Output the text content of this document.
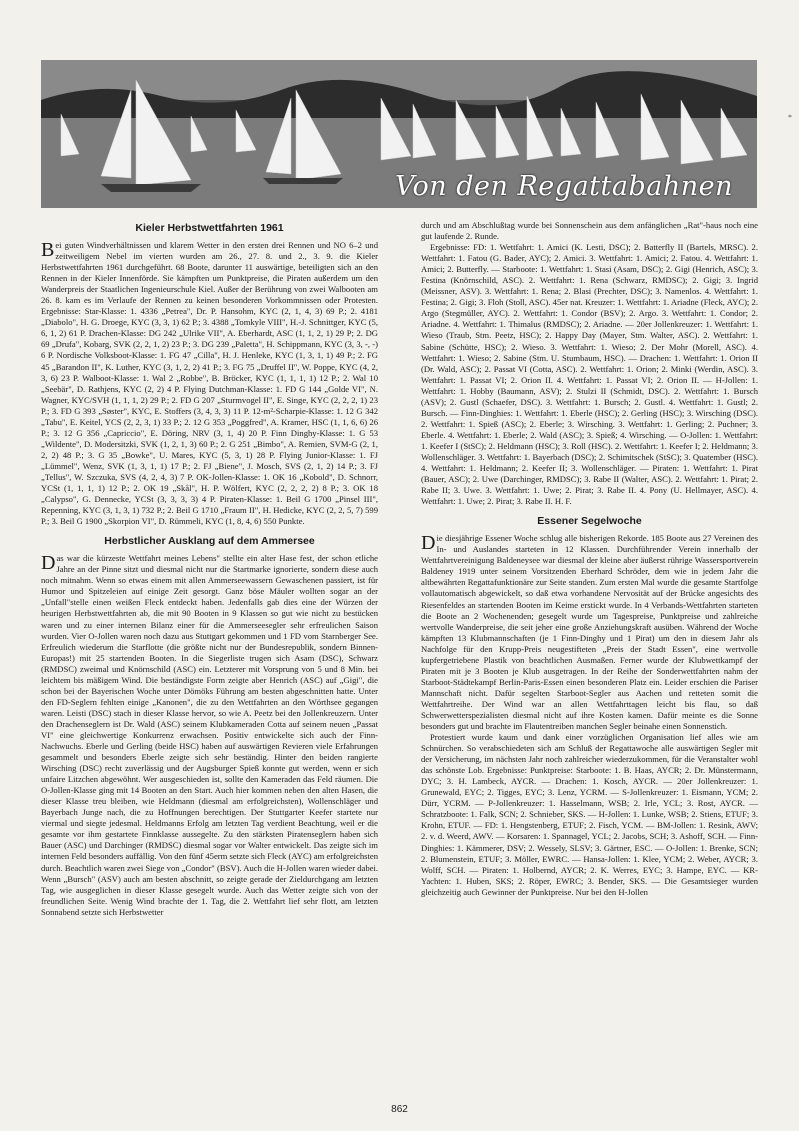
Von den Regattabahnen
*
Kieler Herbstwettfahrten 1961

Bei guten Windverhältnissen und klarem Wetter in den ersten drei Rennen und NO 6–2 und zeitweiligem Nebel im vierten wurden am 26., 27. 8. und 2., 3. 9. die Kieler Herbstwettfahrten 1961 durchgeführt. 68 Boote, darunter 11 auswärtige, beteiligten sich an den Rennen in der Kieler Innenförde. Sie kämpften um Punktpreise, die Piraten außerdem um den Wanderpreis der Staatlichen Ingenieurschule Kiel. Außer der Berührung von zwei Walbooten am 26. 8. kam es im Verlaufe der Rennen zu keinen besonderen Vorkommnissen oder Protesten. Ergebnisse: Star-Klasse: 1. 4336 „Petrea", Dr. P. Hansohm, KYC (2, 1, 4, 3) 69 P.; 2. 4181 „Diabolo", H. G. Droege, KYC (3, 3, 1) 62 P.; 3. 4388 „Tomkyle VIII", H.-J. Schnittger, KYC (5, 6, 1, 2) 61 P. Drachen-Klasse: DG 242 „Ulrike VII", A. Eberhardt, ASC (1, 1, 2, 1) 29 P; 2. DG 69 „Drufa", Kobarg, SVK (2, 2, 1, 2) 23 P.; 3. DG 239 „Paletta", H. Schippmann, KYC (3, 3, -, -) 6 P. Nordische Volksboot-Klasse: 1. FG 47 „Cilla", H. J. Henleke, KYC (1, 3, 1, 1) 49 P.; 2. FG 45 „Barandon II", K. Luther, KYC (3, 1, 2, 2) 41 P.; 3. FG 75 „Druffel II", W. Poppe, KYC (4, 2, 3, 6) 23 P. Walboot-Klasse: 1. Wal 2 „Robbe", B. Bröcker, KYC (1, 1, 1, 1) 12 P.; 2. Wal 10 „Seebär", D. Rathjens, KYC (2, 2) 4 P. Flying Dutchman-Klasse: 1. FD G 144 „Golde VI", N. Wagner, KYC/SVH (1, 1, 1, 2) 29 P.; 2. FD G 207 „Sturmvogel II", E. Singe, KYC (2, 2, 2, 1) 23 P.; 3. FD G 393 „Søster", KYC, E. Stoffers (3, 4, 3, 3) 11 P. 12-m²-Scharpie-Klasse: 1. 12 G 342 „Tabu", E. Keitel, YCS (2, 2, 3, 1) 33 P.; 2. 12 G 353 „Poggfred", A. Kramer, HSC (1, 1, 6, 6) 26 P.; 3. 12 G 356 „Capriccio", E. Döring, NRV (3, 1, 4) 20 P. Finn Dinghy-Klasse: 1. G 53 „Wildente", D. Modersitzki, SVK (1, 2, 1, 3) 60 P.; 2. G 251 „Bimbo", A. Remien, SVM-G (2, 1, 2, 2) 48 P.; 3. G 35 „Bowke", U. Mares, KYC (5, 3, 1) 28 P. Flying Junior-Klasse: 1. FJ „Lümmel", Wenz, SVK (1, 3, 1, 1) 17 P.; 2. FJ „Biene", J. Mosch, SVS (2, 1, 2) 14 P.; 3. FJ „Tellus", W. Szczuka, SVS (4, 2, 4, 3) 7 P. OK-Jollen-Klasse: 1. OK 16 „Kobold", D. Schnorr, YCSt (1, 1, 1, 1) 12 P.; 2. OK 19 „Skål", H. P. Wölfert, KYC (2, 2, 2, 2) 8 P.; 3. OK 18 „Calypso", G. Dennecke, YCSt (3, 3, 3, 3) 4 P. Piraten-Klasse: 1. Beil G 1700 „Pinsel III", Repenning, KYC (3, 1, 3, 1) 732 P.; 2. Beil G 1710 „Fraum II", H. Hedicke, KYC (2, 2, 5, 7) 599 P.; 3. Beil G 1900 „Skorpion VI", D. Rümmeli, KYC (1, 8, 4, 6) 550 Punkte.

Herbstlicher Ausklang auf dem Ammersee

Das war die kürzeste Wettfahrt meines Lebens" stellte ein alter Hase fest, der schon etliche Jahre an der Pinne sitzt und diesmal nicht nur die Startmarke ignorierte, sondern diese auch noch mitnahm. Wenn so etwas einem mit allen Ammerseewassern Gewaschenen passiert, ist für Humor und Spitzeleien auf einige Zeit gesorgt. Ganz böse Mäuler wollten sogar an der „Unfall"stelle einen weißen Fleck entdeckt haben. Jedenfalls gab dies eine der Würzen der heurigen Herbstwettfahrten ab, die mit 90 Booten in 9 Klassen so gut wie nicht zu bestücken waren und zu einer internen Bilanz einer für die Ammerseesegler sehr erfreulichen Saison wurden. Vier O-Jollen waren noch dazu aus Stuttgart gekommen und 1 FD vom Starnberger See. Erfreulich wiederum die Starflotte (die größte nicht nur der Bundesrepublik, sondern Binnen-Europas!) mit 25 startenden Booten. In die Siegerliste trugen sich Asam (DSC), Schwarz (RMDSC) zweimal und Knörnschild (ASC) ein. Letzterer mit Vorsprung von 5 und 8 Min. bei leichtem bis mäßigem Wind. Die beständigste Form zeigte aber Henrich (ASC) auf „Gigi", die schon bei der Bayerischen Woche unter Dömöks Führung am besten abgeschnitten hatte. Unter den FD-Seglern fehlten einige „Kanonen", die zu den Wettfahrten an den Wörthsee gegangen waren. Leisti (DSC) stach in dieser Klasse hervor, so wie A. Peetz bei den Jollenkreuzern. Unter den Drachenseglern ist Dr. Wald (ASC) seinem Klubkameraden Cotta auf seinem neuen „Passat VI" eine gleichwertige Konkurrenz erwachsen. Positiv entwickelte sich auch der Finn-Nachwuchs. Eberle und Gerling (beide HSC) haben auf auswärtigen Revieren viele Erfahrungen gesammelt und besonders Eberle zeigte sich sehr beständig. Hinter den beiden rangierte Wirsching (DSC) recht zuverlässig und der Augsburger Spieß konnte gut werden, wenn er sich unfaire Litzchen abgewöhnt. Wer ausgeschieden ist, sollte den Kameraden das Feld räumen. Die O-Jollen-Klasse ging mit 14 Booten an den Start. Auch hier kommen neben den alten Hasen, die dieser Klasse treu bleiben, wie Heldmann (diesmal am erfolgreichsten), Wollenschläger und Bayerbach Junge nach, die zu Hoffnungen berechtigen. Der Stuttgarter Keefer startete nur viermal und siegte jedesmal. Heldmanns Erfolg am letzten Tag verdient Beachtung, weil er die gesamte vor ihm gestartete Finnklasse aussegelte. Zu den stärksten Piratenseglern haben sich Bauer (ASC) und Darchinger (RMDSC) diesmal sogar vor Walter entwickelt. Das zeigte sich im internen Feld besonders auffällig. Von den fünf 45erm setzte sich Fleck (AYC) am erfolgreichsten durch. Beachtlich waren zwei Siege von „Condor" (BSV). Auch die H-Jollen waren wieder dabei. Wenn „Bursch" (ASV) auch am besten abschnitt, so zeigte gerade der Zieldurchgang am letzten Tag, wie ausgeglichen in dieser Klasse gesegelt wurde. Auch das Wetter zeigte sich von der freundlichen Seite. Wenig Wind brachte der 1. Tag, die 2. Wettfahrt lief sehr flott, am letzten Sonnabend setzte sich Herbstwetter

durch und am Abschlußtag wurde bei Sonnenschein aus dem anfänglichen „Rat"-haus noch eine gut laufende 2. Runde.

Ergebnisse: FD: 1. Wettfahrt: 1. Amici (K. Lesti, DSC); 2. Batterfly II (Bartels, MRSC). 2. Wettfahrt: 1. Fatou (G. Bader, AYC); 2. Amici. 3. Wettfahrt: 1. Amici; 2. Fatou. 4. Wettfahrt: 1. Amici; 2. Butterfly. — Starboote: 1. Wettfahrt: 1. Stasi (Asam, DSC); 2. Gigi (Henrich, ASC); 3. Festina (Knörnschild, ASC). 2. Wettfahrt: 1. Rena (Schwarz, RMDSC); 2. Gigi; 3. Ingrid (Meissner, ASV). 3. Wettfahrt: 1. Rena; 2. Blasi (Prechter, DSC); 3. Namenlos. 4. Wettfahrt: 1. Festina; 2. Gigi; 3. Floh (Stoll, ASC). 45er nat. Kreuzer: 1. Wettfahrt: 1. Ariadne (Fleck, AYC); 2. Argo (Stegmüller, AYC). 2. Wettfahrt: 1. Condor (BSV); 2. Argo. 3. Wettfahrt: 1. Condor; 2. Ariadne. 4. Wettfahrt: 1. Thimalus (RMDSC); 2. Ariadne. — 20er Jollenkreuzer: 1. Wettfahrt: 1. Wieso (Traub, Stm. Peetz, HSC); 2. Happy Day (Mayer, Stm. Walter, ASC). 2. Wettfahrt: 1. Sabine (Schütte, HSC); 2. Wieso. 3. Wettfahrt: 1. Wieso; 2. Der Mohr (Morell, ASC). 4. Wettfahrt: 1. Wieso; 2. Sabine (Stm. U. Stumbaum, HSC). — Drachen: 1. Wettfahrt: 1. Orion II (Dr. Wald, ASC); 2. Passat VI (Cotta, ASC). 2. Wettfahrt: 1. Orion; 2. Minki (Werdin, ASC). 3. Wettfahrt: 1. Passat VI; 2. Orion II. 4. Wettfahrt: 1. Passat VI; 2. Orion II. — H-Jollen: 1. Wettfahrt: 1. Hobby (Baumann, ASV); 2. Stulzi II (Schmidt, DSC). 2. Wettfahrt: 1. Bursch (ASV); 2. Gustl (Schaefer, DSC). 3. Wettfahrt: 1. Bursch; 2. Gustl. 4. Wettfahrt: 1. Gustl; 2. Bursch. — Finn-Dinghies: 1. Wettfahrt: 1. Eberle (HSC); 2. Gerling (HSC); 3. Wirsching (DSC). 2. Wettfahrt: 1. Spieß (ASC); 2. Eberle; 3. Wirsching. 3. Wettfahrt: 1. Gerling; 2. Puchner; 3. Eberle. 4. Wettfahrt: 1. Eberle; 2. Wald (ASC); 3. Spieß; 4. Wirsching. — O-Jollen: 1. Wettfahrt: 1. Keefer I (StSC); 2. Heldmann (HSC); 3. Roll (HSC). 2. Wettfahrt: 1. Keefer I; 2. Heldmann; 3. Wollenschläger. 3. Wettfahrt: 1. Bayerbach (DSC); 2. Schimitschek (StSC); 3. Quatember (HSC). 4. Wettfahrt: 1. Heldmann; 2. Keefer II; 3. Wollenschläger. — Piraten: 1. Wettfahrt: 1. Pirat (Bauer, ASC); 2. Uwe (Darchinger, RMDSC); 3. Rabe II (Walter, ASC). 2. Wettfahrt: 1. Pirat; 2. Rabe II; 3. Uwe. 3. Wettfahrt: 1. Uwe; 2. Pirat; 3. Rabe II. 4. Pony (U. Hellmayer, ASC). 4. Wettfahrt: 1. Uwe; 2. Pirat; 3. Rabe II. H. F.

Essener Segelwoche

Die diesjährige Essener Woche schlug alle bisherigen Rekorde. 185 Boote aus 27 Vereinen des In- und Auslandes starteten in 12 Klassen. Durchführender Verein innerhalb der Wettfahrtvereinigung Baldeneysee war diesmal der kleine aber äußerst rührige Wassersportverein Baldeney 1919 unter seinem Vorsitzenden Eberhard Schröder, dem wie in jedem Jahr die altbewährten Regattafunktionäre zur Seite standen. Zum ersten Mal wurde die gesamte Startfolge vollautomatisch abgewickelt, so daß etwa vorhandene Nervosität auf der Brücke angesichts des Riesenfeldes an startenden Booten im Keime erstickt wurde. In 4 Verbands-Wettfahrten starteten die Boote an 2 Wochenenden; gesegelt wurde um Tagespreise, Punktpreise und zahlreiche wertvolle Wanderpreise, die seit jeher eine große Anziehungskraft ausüben. Während der Woche kämpften 13 Klubmannschaften (je 1 Finn-Dinghy und 1 Pirat) um den in diesem Jahr als Nachfolge für den Krupp-Preis neugestifteten „Preis der Stadt Essen", eine wertvolle kupfergetriebene Plastik von beachtlichen Ausmaßen. Ferner wurde der Klubwettkampf der Piraten mit je 3 Booten je Klub ausgetragen. In der Reihe der Sonderwettfahrten nahm der Starboot-Städtekampf Berlin-Paris-Essen einen besonderen Platz ein. Leider erschien die Pariser Mannschaft nicht. Dafür segelten Starboot-Segler aus Aachen und retteten somit die Wettfahrtreihe. Der Wind war an allen Wettfahrttagen leicht bis flau, so daß Schwerwetterspezialisten diesmal nicht auf ihre Kosten kamen. Dafür meinte es die Sonne besonders gut und brachte im Flautentreiben manchen Segler beinahe einen Sonnenstich.

Protestiert wurde kaum und dank einer vorzüglichen Organisation lief alles wie am Schnürchen. So verabschiedeten sich am Schluß der Regattawoche alle auswärtigen Segler mit der Versicherung, im nächsten Jahr noch zahlreicher wiederzukommen, für die Veranstalter wohl das schönste Lob. Ergebnisse: Punktpreise: Starboote: 1. B. Haas, AYCR; 2. Dr. Münstermann, DYC; 3. H. Lambeck, AYCR. — Drachen: 1. Kosch, AYCR. — 20er Jollenkreuzer: 1. Grunewald, EYC; 2. Tigges, EYC; 3. Lenz, YCRM. — S-Jollenkreuzer: 1. Eismann, YCM; 2. Dürr, YCRM. — P-Jollenkreuzer: 1. Hasselmann, WSB; 2. Irle, YCL; 3. Rost, AYCR. — Schratzboote: 1. Falk, SCN; 2. Schnieber, SKS. — H-Jollen: 1. Lunke, WSB; 2. Stiens, ETUF; 3. Krohn, ETUF. — FD: 1. Hengstenberg, ETUF; 2. Fisch, YCM. — BM-Jollen: 1. Resink, AWV; 2. v. d. Weerd, AWV. — Korsaren: 1. Spannagel, YCL; 2. Jacobs, SCH; 3. Ashoff, SCH. — Finn-Dinghies: 1. Kämmerer, DSV; 2. Wessely, SLSV; 3. Gärtner, ESC. — O-Jollen: 1. Brenke, SCN; 2. Blumenstein, ETUF; 3. Möller, EWRC. — Hansa-Jollen: 1. Klee, YCM; 2. Weber, AYCR; 3. Wolff, SCH. — Piraten: 1. Holbernd, AYCR; 2. K. Werres, EYC; 3. Hampe, EYC. — KR-Yachten: 1. Huben, SKS; 2. Röper, EWRC; 3. Bender, SKS. — Die Gesamtsieger wurden gleichzeitig auch Gewinner der Punktpreise. Nur bei den H-Jollen

862
